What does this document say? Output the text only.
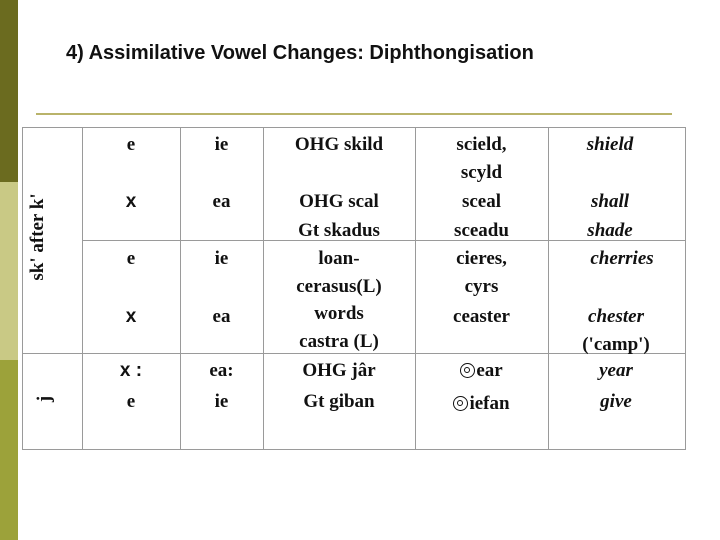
4) Assimilative Vowel Changes: Diphthongisation
sk' after k'
j
e
x
e
x
x :
e
ie
ea
ie
ea
ea:
ie
OHG skild
OHG scal
Gt skadus
loan-
cerasus(L)
words
castra (L)
OHG jâr
Gt giban
scield,
scyld
sceal
sceadu
cieres,
cyrs
ceaster
ear
iefan
shield
shall
shade
cherries
chester
('camp')
year
give
